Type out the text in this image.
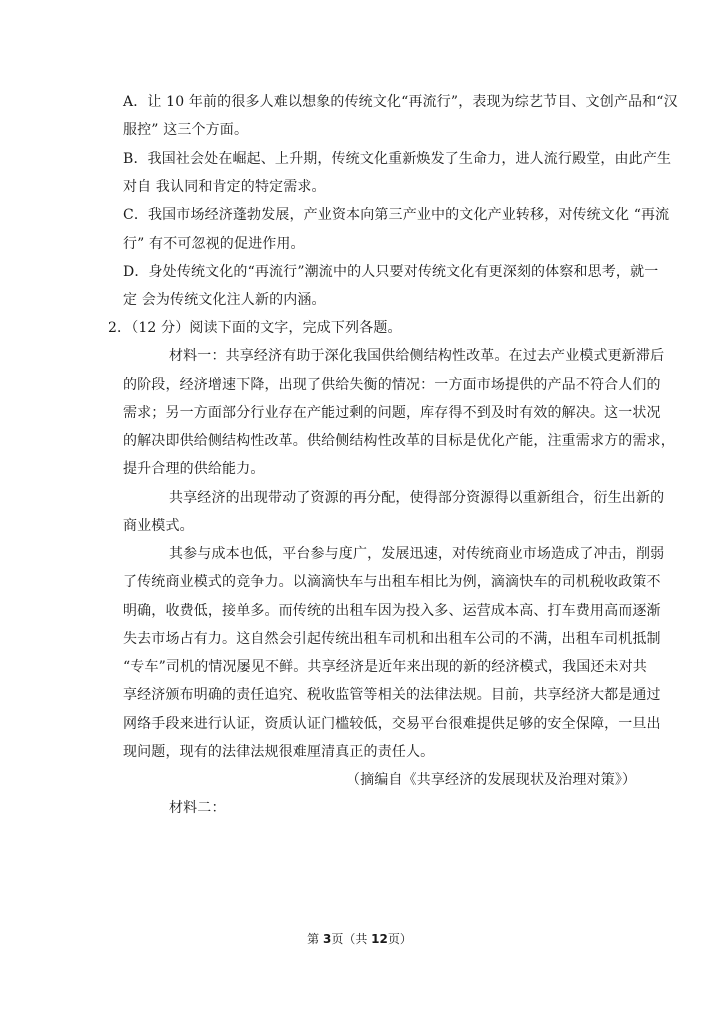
A．让 10 年前的很多人难以想象的传统文化“再流行”，表现为综艺节目、文创产品和“汉
服控” 这三个方面。
B．我国社会处在崛起、上升期，传统文化重新焕发了生命力，进人流行殿堂，由此产生
对自 我认同和肯定的特定需求。
C．我国市场经济蓬勃发展，产业资本向第三产业中的文化产业转移，对传统文化 “再流
行” 有不可忽视的促进作用。
D．身处传统文化的“再流行”潮流中的人只要对传统文化有更深刻的体察和思考，就一
定 会为传统文化注人新的内涵。
2．（12 分）阅读下面的文字，完成下列各题。
材料一：共享经济有助于深化我国供给侧结构性改革。在过去产业模式更新滞后
的阶段，经济增速下降，出现了供给失衡的情况：一方面市场提供的产品不符合人们的
需求；另一方面部分行业存在产能过剩的问题，库存得不到及时有效的解决。这一状况
的解决即供给侧结构性改革。供给侧结构性改革的目标是优化产能，注重需求方的需求，
提升合理的供给能力。
共享经济的出现带动了资源的再分配，使得部分资源得以重新组合，衍生出新的
商业模式。
其参与成本也低，平台参与度广，发展迅速，对传统商业市场造成了冲击，削弱
了传统商业模式的竞争力。以滴滴快车与出租车相比为例，滴滴快车的司机税收政策不
明确，收费低，接单多。而传统的出租车因为投入多、运营成本高、打车费用高而逐渐
失去市场占有力。这自然会引起传统出租车司机和出租车公司的不满，出租车司机抵制
“专车”司机的情况屡见不鲜。共享经济是近年来出现的新的经济模式，我国还未对共
享经济颁布明确的责任追究、税收监管等相关的法律法规。目前，共享经济大都是通过
网络手段来进行认证，资质认证门槛较低，交易平台很难提供足够的安全保障，一旦出
现问题，现有的法律法规很难厘清真正的责任人。
（摘编自《共享经济的发展现状及治理对策》）
材料二：
第 3页（共 12页）
